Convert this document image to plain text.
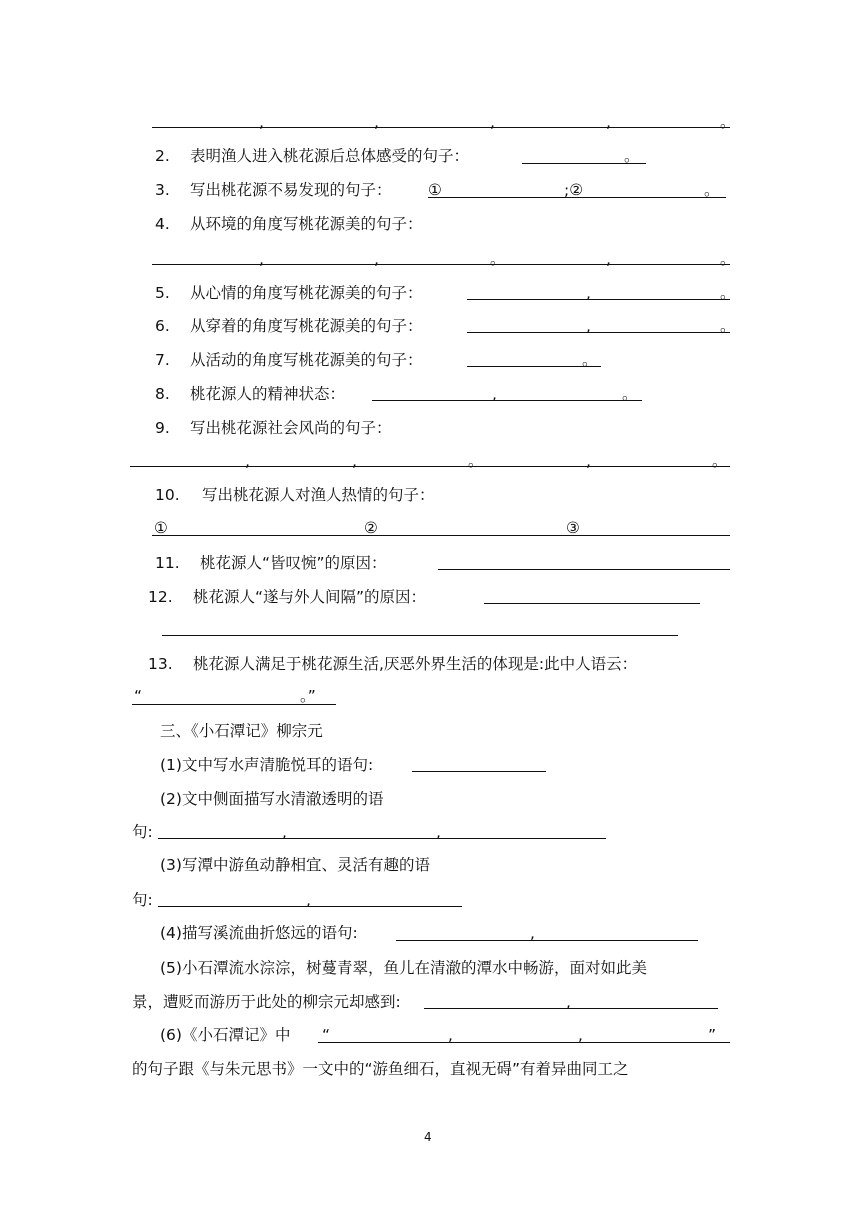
,	,	,	,	。
2. 表明渔人进入桃花源后总体感受的句子：	。
3. 写出桃花源不易发现的句子： ①	;②	。
4. 从环境的角度写桃花源美的句子：
,	,	。	,	。
5. 从心情的角度写桃花源美的句子：	,	。
6. 从穿着的角度写桃花源美的句子：	,	。
7. 从活动的角度写桃花源美的句子：	。
8. 桃花源人的精神状态：	,	。
9. 写出桃花源社会风尚的句子：
,	,	。	,	。
10. 写出桃花源人对渔人热情的句子：
①	②	③
11. 桃花源人“皆叹惋”的原因：
12. 桃花源人“遂与外人间隔”的原因：
13. 桃花源人满足于桃花源生活,厌恶外界生活的体现是:此中人语云：
“	。”
三、《小石潭记》柳宗元
(1)文中写水声清脆悦耳的语句:
(2)文中侧面描写水清澈透明的语
句:	,	,
(3)写潭中游鱼动静相宜、灵活有趣的语
句:	,
(4)描写溪流曲折悠远的语句:	,
(5)小石潭流水淙淙，树蔓青翠，鱼儿在清澈的潭水中畅游，面对如此美
景，遭贬而游历于此处的柳宗元却感到:	,
(6)《小石潭记》中 “	,	,	”
的句子跟《与朱元思书》一文中的“游鱼细石，直视无碍”有着异曲同工之
4
